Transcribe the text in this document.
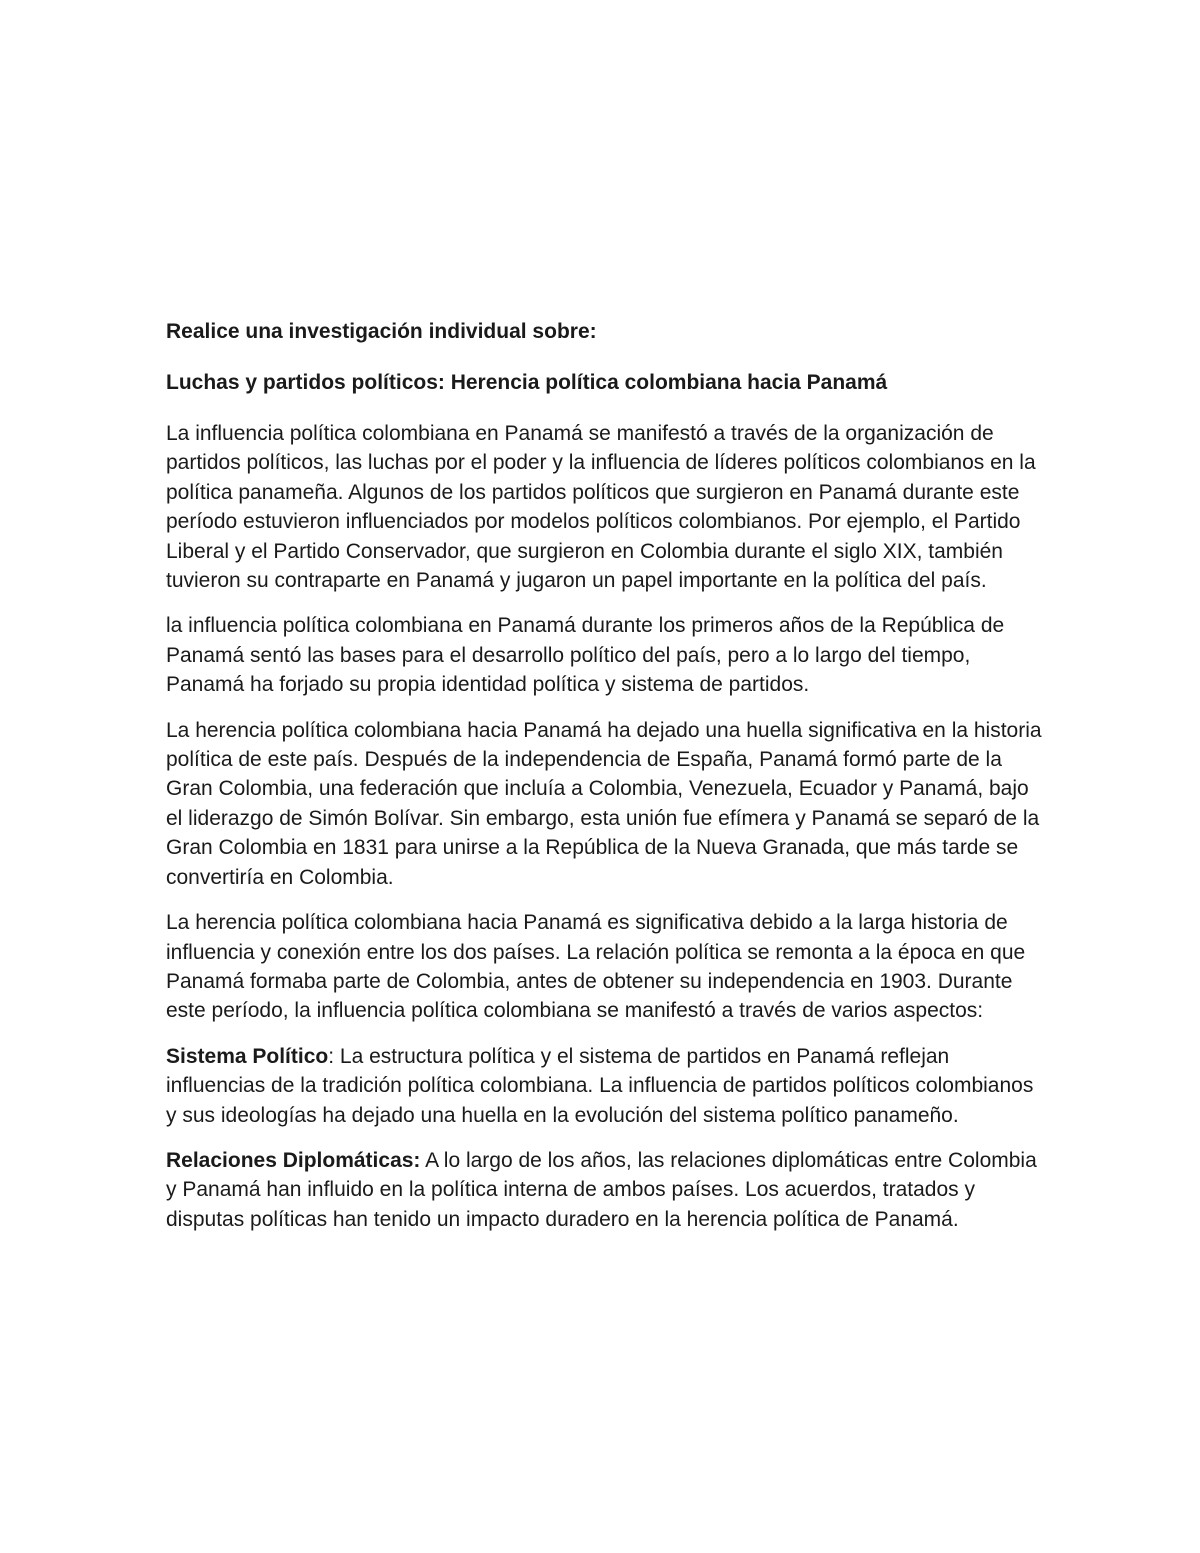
Realice una investigación individual sobre:

Luchas y partidos políticos: Herencia política colombiana hacia Panamá

La influencia política colombiana en Panamá se manifestó a través de la organización de partidos políticos, las luchas por el poder y la influencia de líderes políticos colombianos en la política panameña. Algunos de los partidos políticos que surgieron en Panamá durante este período estuvieron influenciados por modelos políticos colombianos. Por ejemplo, el Partido Liberal y el Partido Conservador, que surgieron en Colombia durante el siglo XIX, también tuvieron su contraparte en Panamá y jugaron un papel importante en la política del país.

la influencia política colombiana en Panamá durante los primeros años de la República de Panamá sentó las bases para el desarrollo político del país, pero a lo largo del tiempo, Panamá ha forjado su propia identidad política y sistema de partidos.

La herencia política colombiana hacia Panamá ha dejado una huella significativa en la historia política de este país. Después de la independencia de España, Panamá formó parte de la Gran Colombia, una federación que incluía a Colombia, Venezuela, Ecuador y Panamá, bajo el liderazgo de Simón Bolívar. Sin embargo, esta unión fue efímera y Panamá se separó de la Gran Colombia en 1831 para unirse a la República de la Nueva Granada, que más tarde se convertiría en Colombia.

La herencia política colombiana hacia Panamá es significativa debido a la larga historia de influencia y conexión entre los dos países. La relación política se remonta a la época en que Panamá formaba parte de Colombia, antes de obtener su independencia en 1903. Durante este período, la influencia política colombiana se manifestó a través de varios aspectos:

Sistema Político: La estructura política y el sistema de partidos en Panamá reflejan influencias de la tradición política colombiana. La influencia de partidos políticos colombianos y sus ideologías ha dejado una huella en la evolución del sistema político panameño.

Relaciones Diplomáticas: A lo largo de los años, las relaciones diplomáticas entre Colombia y Panamá han influido en la política interna de ambos países. Los acuerdos, tratados y disputas políticas han tenido un impacto duradero en la herencia política de Panamá.
